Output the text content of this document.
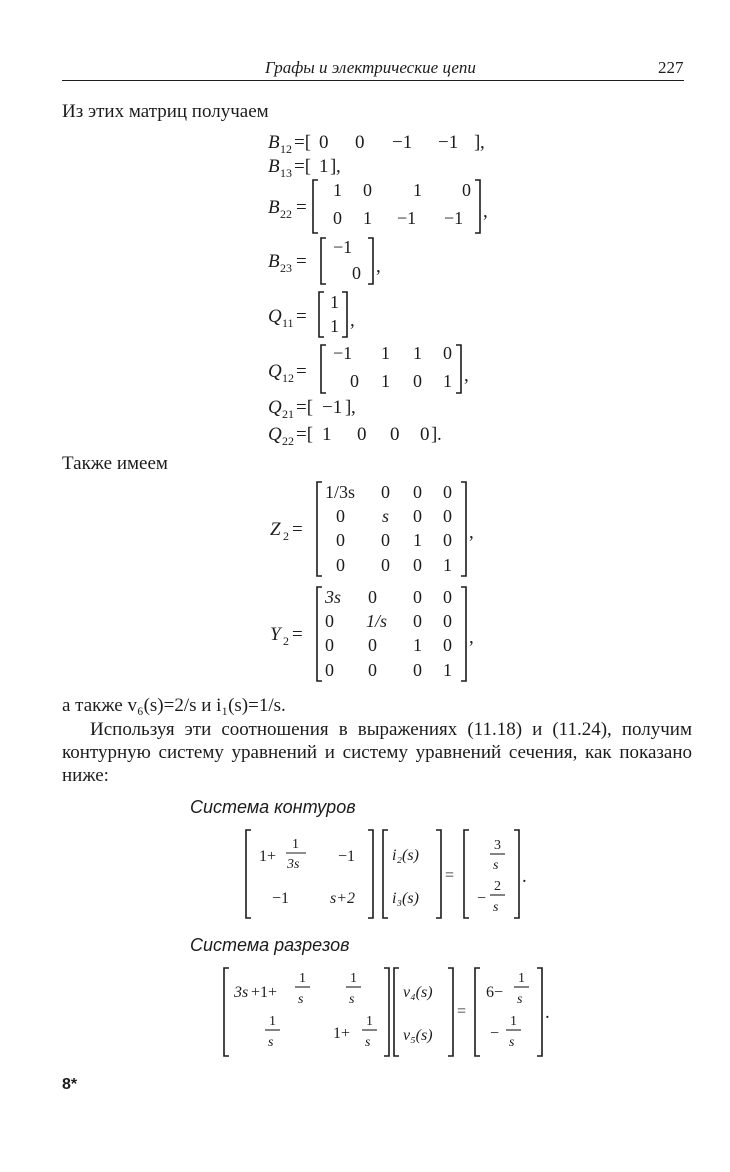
Графы и электрические цепи	227
Из этих матриц получаем
B 12 =[ 0 0 −1 −1 ] ,
B 13 =[ 1 ] ,
B 22 =
1 0 1 0
0 1 −1 −1 ,
B 23 =
−1
0 ,
Q 11 =
1
1 ,
Q 12 =
−1 1 1 0
0 1 0 1 ,
Q 21 =[ −1 ] ,
Q 22 =[ 1 0 0 0 ] .
Z 2 =
1/3s 0 0 0
0 s 0 0
0 0 1 0
0 0 0 1
,
Y 2 =
3s 0 0 0
0 1/s 0 0
0 0 1 0
0 0 0 1
,
1+
1
3s −1
−1	s+2
i₂(s)
i₃(s)
=
3
s
−
2
s
.
3s +1+
1
s
1
s
1
s
1+
1
s
v₄(s)
v₅(s)
=
6−
1
s
−
1
s
.
Также имеем
а также v₆(s)=2/s и i₁(s)=1/s.
Используя эти соотношения в выражениях (11.18) и (11.24), получим контурную систему уравнений и систему уравнений сечения, как показано ниже:
Система контуров
Система разрезов
8*
